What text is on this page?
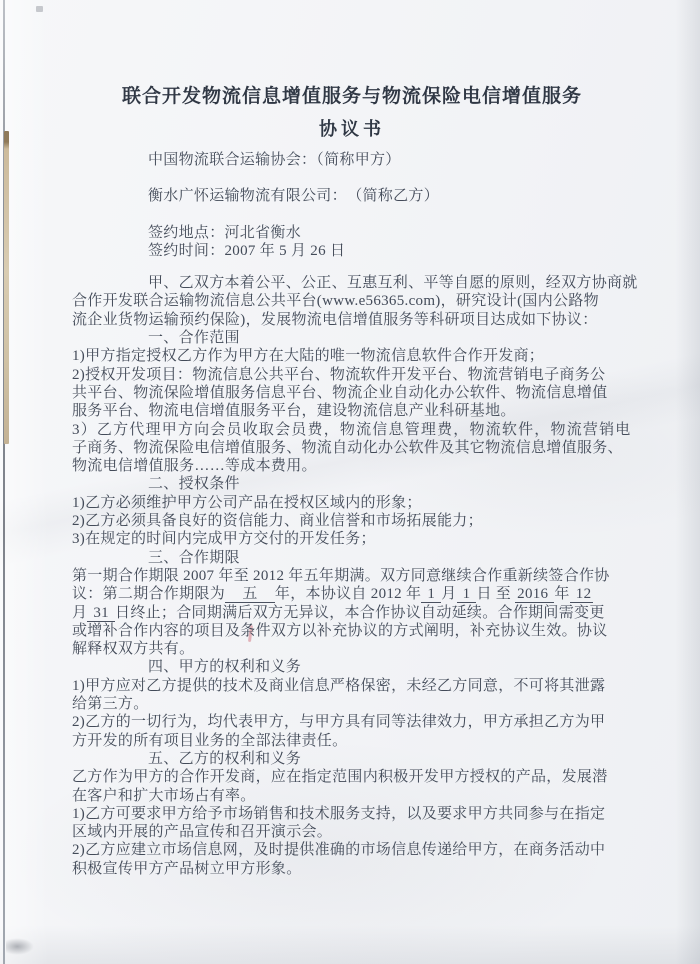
联合开发物流信息增值服务与物流保险电信增值服务
协议书
中国物流联合运输协会：（简称甲方）
衡水广怀运输物流有限公司：　（简称乙方）
签约地点：河北省衡水
签约时间：2007 年 5 月 26 日
甲、乙双方本着公平、公正、互惠互利、平等自愿的原则，经双方协商就
合作开发联合运输物流信息公共平台(www.e56365.com)，研究设计(国内公路物
流企业货物运输预约保险)，发展物流电信增值服务等科研项目达成如下协议：
一、合作范围
1)甲方指定授权乙方作为甲方在大陆的唯一物流信息软件合作开发商；
2)授权开发项目：物流信息公共平台、物流软件开发平台、物流营销电子商务公
共平台、物流保险增值服务信息平台、物流企业自动化办公软件、物流信息增值
服务平台、物流电信增值服务平台，建设物流信息产业科研基地。
3）乙方代理甲方向会员收取会员费，物流信息管理费，物流软件，物流营销电
子商务、物流保险电信增值服务、物流自动化办公软件及其它物流信息增值服务、
物流电信增值服务……等成本费用。
二、授权条件
1)乙方必须维护甲方公司产品在授权区域内的形象；
2)乙方必须具备良好的资信能力、商业信誉和市场拓展能力；
3)在规定的时间内完成甲方交付的开发任务；
三、合作期限
第一期合作期限 2007 年至 2012 年五年期满。双方同意继续合作重新续签合作协
议：第二期合作期限为　五　年，本协议自 2012 年 1 月 1 日 至 2016 年 12
月 31 日终止；合同期满后双方无异议，本合作协议自动延续。合作期间需变更
或增补合作内容的项目及条件双方以补充协议的方式阐明，补充协议生效。协议
解释权双方共有。
四、甲方的权利和义务
1)甲方应对乙方提供的技术及商业信息严格保密，未经乙方同意，不可将其泄露
给第三方。
2)乙方的一切行为，均代表甲方，与甲方具有同等法律效力，甲方承担乙方为甲
方开发的所有项目业务的全部法律责任。
五、乙方的权利和义务
乙方作为甲方的合作开发商，应在指定范围内积极开发甲方授权的产品，发展潜
在客户和扩大市场占有率。
1)乙方可要求甲方给予市场销售和技术服务支持，以及要求甲方共同参与在指定
区域内开展的产品宣传和召开演示会。
2)乙方应建立市场信息网，及时提供准确的市场信息传递给甲方，在商务活动中
积极宣传甲方产品树立甲方形象。
